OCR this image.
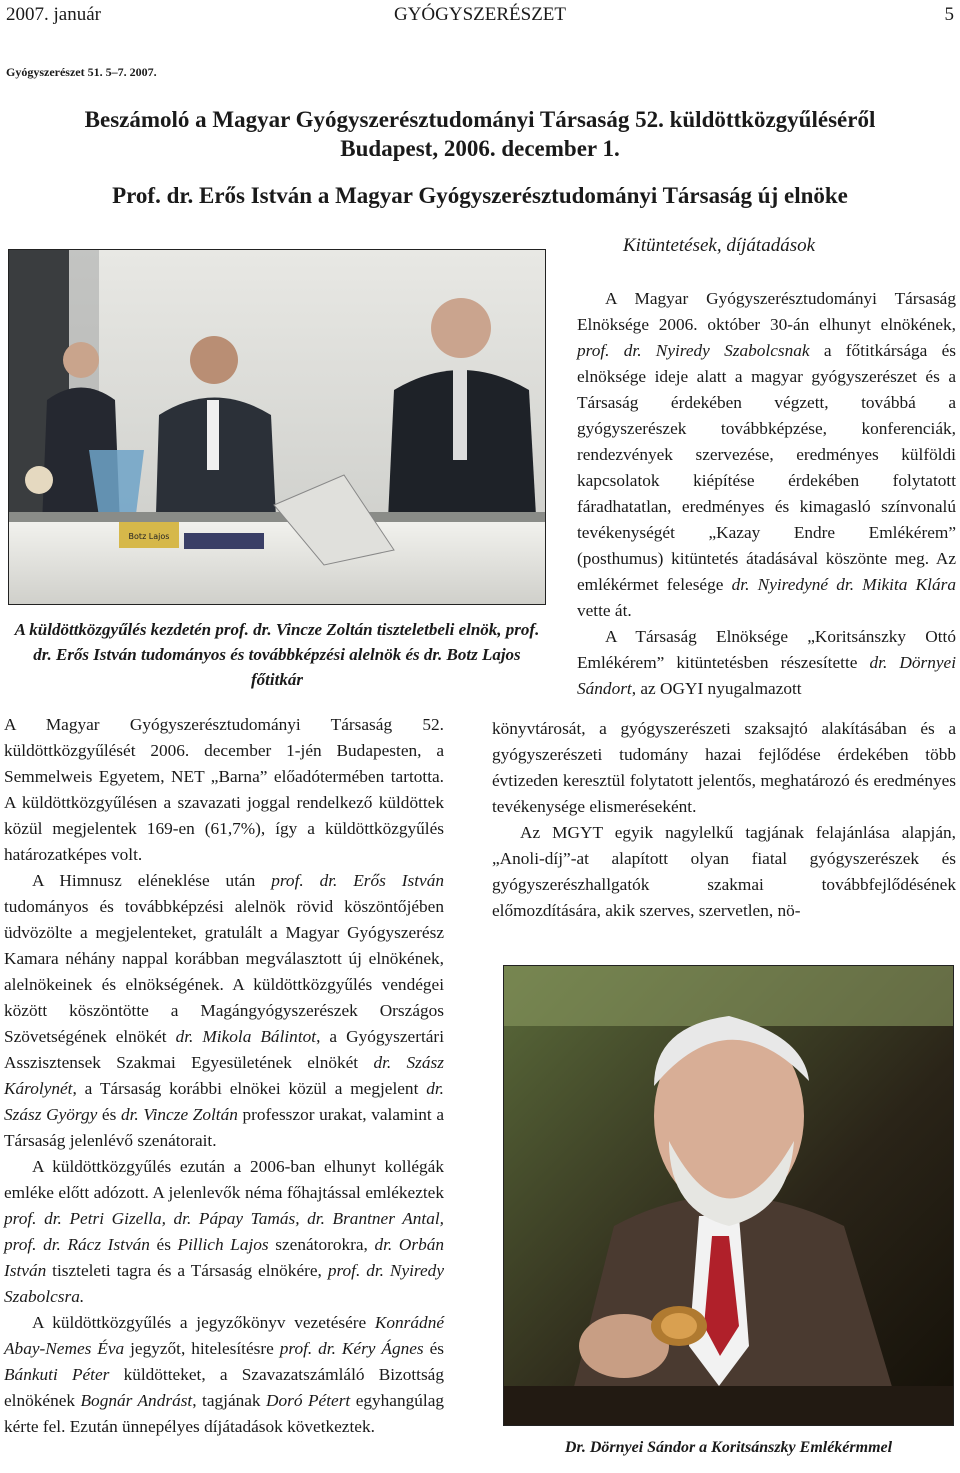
2007. január	GYÓGYSZERÉSZET	5
Gyógyszerészet 51. 5–7. 2007.
Beszámoló a Magyar Gyógyszerésztudományi Társaság 52. küldöttközgyűléséről
Budapest, 2006. december 1.
Prof. dr. Erős István a Magyar Gyógyszerésztudományi Társaság új elnöke
Kitüntetések, díjátadások
Botz Lajos
A küldöttközgyűlés kezdetén prof. dr. Vincze Zoltán tiszteletbeli elnök, prof. dr. Erős István tudományos és továbbképzési alelnök és dr. Botz Lajos főtitkár

A Magyar Gyógyszerésztudományi Társaság 52. küldöttközgyűlését 2006. december 1-jén Budapesten, a Semmelweis Egyetem, NET „Barna” előadótermében tartotta. A küldöttközgyűlésen a szavazati joggal rendelkező küldöttek közül megjelentek 169-en (61,7%), így a küldöttközgyűlés határozatképes volt.

A Himnusz eléneklése után prof. dr. Erős István tudományos és továbbképzési alelnök rövid köszöntőjében üdvözölte a megjelenteket, gratulált a Magyar Gyógyszerész Kamara néhány nappal korábban megválasztott új elnökének, alelnökeinek és elnökségének. A küldöttközgyűlés vendégei között köszöntötte a Magángyógyszerészek Országos Szövetségének elnökét dr. Mikola Bálintot, a Gyógyszertári Asszisztensek Szakmai Egyesületének elnökét dr. Szász Károlynét, a Társaság korábbi elnökei közül a megjelent dr. Szász György és dr. Vincze Zoltán professzor urakat, valamint a Társaság jelenlévő szenátorait.

A küldöttközgyűlés ezután a 2006-ban elhunyt kollégák emléke előtt adózott. A jelenlevők néma főhajtással emlékeztek prof. dr. Petri Gizella, dr. Pápay Tamás, dr. Brantner Antal, prof. dr. Rácz István és Pillich Lajos szenátorokra, dr. Orbán István tiszteleti tagra és a Társaság elnökére, prof. dr. Nyiredy Szabolcsra.

A küldöttközgyűlés a jegyzőkönyv vezetésére Konrádné Abay-Nemes Éva jegyzőt, hitelesítésre prof. dr. Kéry Ágnes és Bánkuti Péter küldötteket, a Szavazatszámláló Bizottság elnökének Bognár Andrást, tagjának Doró Pétert egyhangúlag kérte fel. Ezután ünnepélyes díjátadások következtek.

A Magyar Gyógyszerésztudományi Társaság Elnöksége 2006. október 30-án elhunyt elnökének, prof. dr. Nyiredy Szabolcsnak a főtitkársága és elnöksége ideje alatt a magyar gyógyszerészet és a Társaság érdekében végzett, továbbá a gyógyszerészek továbbképzése, konferenciák, rendezvények szervezése, eredményes külföldi kapcsolatok kiépítése érdekében folytatott fáradhatatlan, eredményes és kimagasló színvonalú tevékenységét „Kazay Endre Emlékérem” (posthumus) kitüntetés átadásával köszönte meg. Az emlékérmet felesége dr. Nyiredyné dr. Mikita Klára vette át.

A Társaság Elnöksége „Koritsánszky Ottó Emlékérem” kitüntetésben részesítette dr. Dörnyei Sándort, az OGYI nyugalmazott

könyvtárosát, a gyógyszerészeti szaksajtó alakításában és a gyógyszerészeti tudomány hazai fejlődése érdekében több évtizeden keresztül folytatott jelentős, meghatározó és eredményes tevékenysége elismeréseként.

Az MGYT egyik nagylelkű tagjának felajánlása alapján, „Anoli-díj”-at alapított olyan fiatal gyógyszerészek és gyógyszerészhallgatók szakmai továbbfejlődésének előmozdítására, akik szerves, szervetlen, nö-

Dr. Dörnyei Sándor a Koritsánszky Emlékérmmel
